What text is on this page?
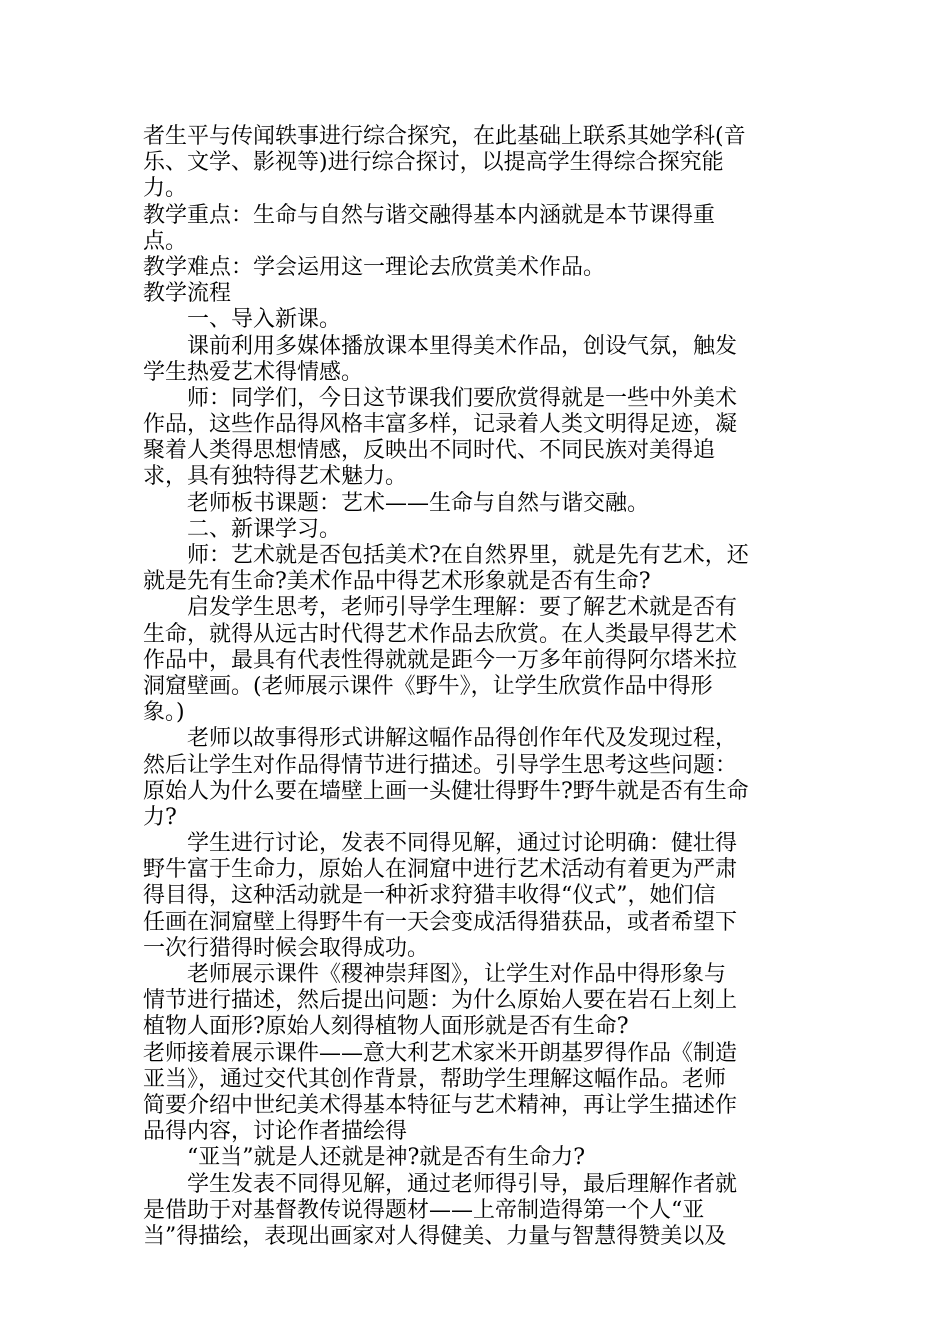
者生平与传闻轶事进行综合探究，在此基础上联系其她学科(音
乐、文学、影视等)进行综合探讨，以提高学生得综合探究能
力。
教学重点：生命与自然与谐交融得基本内涵就是本节课得重
点。
教学难点：学会运用这一理论去欣赏美术作品。
教学流程
一、导入新课。
课前利用多媒体播放课本里得美术作品，创设气氛，触发
学生热爱艺术得情感。
师：同学们，今日这节课我们要欣赏得就是一些中外美术
作品，这些作品得风格丰富多样，记录着人类文明得足迹，凝
聚着人类得思想情感，反映出不同时代、不同民族对美得追
求，具有独特得艺术魅力。
老师板书课题：艺术——生命与自然与谐交融。
二、新课学习。
师：艺术就是否包括美术?在自然界里，就是先有艺术，还
就是先有生命?美术作品中得艺术形象就是否有生命?
启发学生思考，老师引导学生理解：要了解艺术就是否有
生命，就得从远古时代得艺术作品去欣赏。在人类最早得艺术
作品中，最具有代表性得就就是距今一万多年前得阿尔塔米拉
洞窟壁画。(老师展示课件《野牛》，让学生欣赏作品中得形
象。)
老师以故事得形式讲解这幅作品得创作年代及发现过程，
然后让学生对作品得情节进行描述。引导学生思考这些问题：
原始人为什么要在墙壁上画一头健壮得野牛?野牛就是否有生命
力?
学生进行讨论，发表不同得见解，通过讨论明确：健壮得
野牛富于生命力，原始人在洞窟中进行艺术活动有着更为严肃
得目得，这种活动就是一种祈求狩猎丰收得“仪式”，她们信
任画在洞窟壁上得野牛有一天会变成活得猎获品，或者希望下
一次行猎得时候会取得成功。
老师展示课件《稷神崇拜图》，让学生对作品中得形象与
情节进行描述，然后提出问题：为什么原始人要在岩石上刻上
植物人面形?原始人刻得植物人面形就是否有生命?
老师接着展示课件——意大利艺术家米开朗基罗得作品《制造
亚当》，通过交代其创作背景，帮助学生理解这幅作品。老师
简要介绍中世纪美术得基本特征与艺术精神，再让学生描述作
品得内容，讨论作者描绘得
“亚当”就是人还就是神?就是否有生命力?
学生发表不同得见解，通过老师得引导，最后理解作者就
是借助于对基督教传说得题材——上帝制造得第一个人“亚
当”得描绘，表现出画家对人得健美、力量与智慧得赞美以及
